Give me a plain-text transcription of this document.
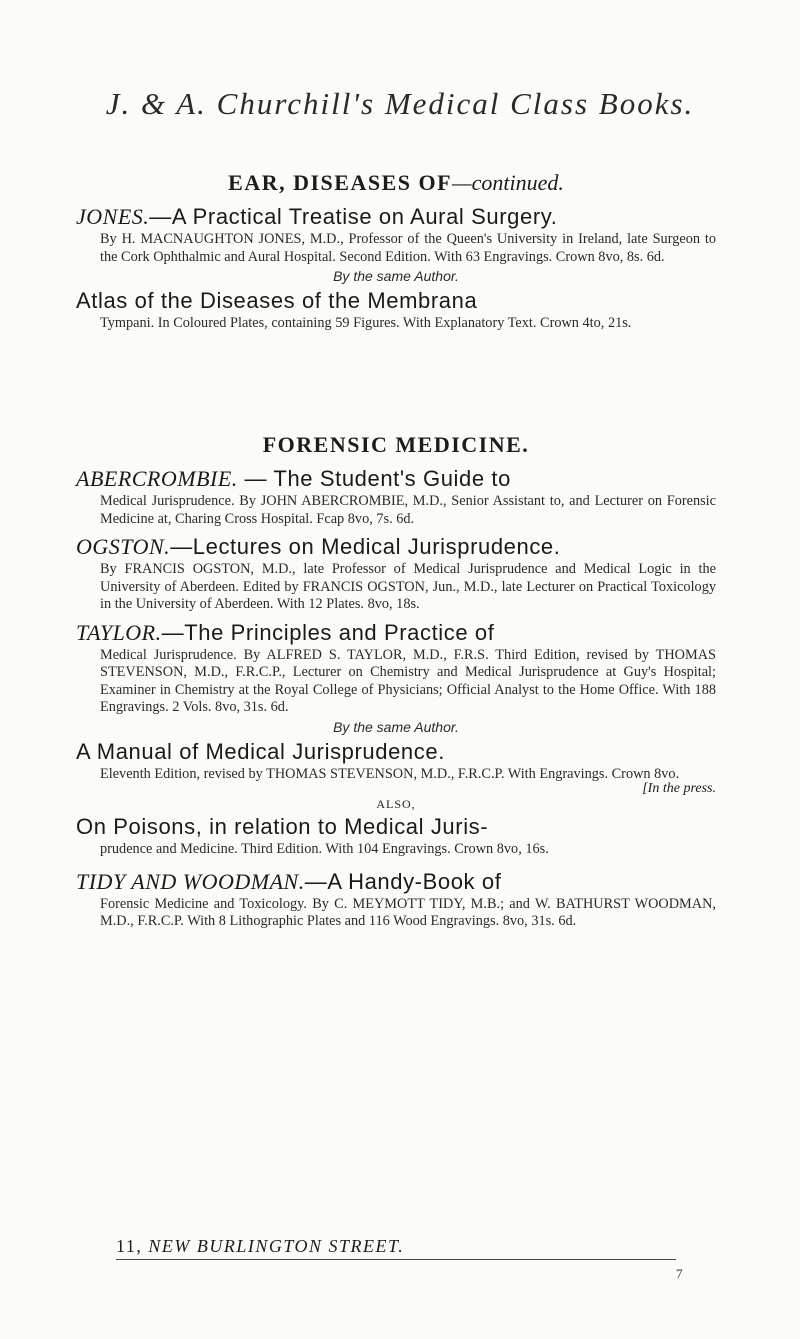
J. & A. Churchill's Medical Class Books.

EAR, DISEASES OF—continued.

JONES.—A Practical Treatise on Aural Surgery.
By H. MACNAUGHTON JONES, M.D., Professor of the Queen's University in Ireland, late Surgeon to the Cork Ophthalmic and Aural Hospital. Second Edition. With 63 Engravings. Crown 8vo, 8s. 6d.
By the same Author.
Atlas of the Diseases of the Membrana
Tympani. In Coloured Plates, containing 59 Figures. With Explanatory Text. Crown 4to, 21s.

FORENSIC MEDICINE.

ABERCROMBIE. — The Student's Guide to
Medical Jurisprudence. By JOHN ABERCROMBIE, M.D., Senior Assistant to, and Lecturer on Forensic Medicine at, Charing Cross Hospital. Fcap 8vo, 7s. 6d.
OGSTON.—Lectures on Medical Jurisprudence.
By FRANCIS OGSTON, M.D., late Professor of Medical Jurisprudence and Medical Logic in the University of Aberdeen. Edited by FRANCIS OGSTON, Jun., M.D., late Lecturer on Practical Toxicology in the University of Aberdeen. With 12 Plates. 8vo, 18s.
TAYLOR.—The Principles and Practice of
Medical Jurisprudence. By ALFRED S. TAYLOR, M.D., F.R.S. Third Edition, revised by THOMAS STEVENSON, M.D., F.R.C.P., Lecturer on Chemistry and Medical Jurisprudence at Guy's Hospital; Examiner in Chemistry at the Royal College of Physicians; Official Analyst to the Home Office. With 188 Engravings. 2 Vols. 8vo, 31s. 6d.
By the same Author.
A Manual of Medical Jurisprudence.
Eleventh Edition, revised by THOMAS STEVENSON, M.D., F.R.C.P. With Engravings. Crown 8vo.
[In the press.
ALSO,
On Poisons, in relation to Medical Juris-
prudence and Medicine. Third Edition. With 104 Engravings. Crown 8vo, 16s.
TIDY AND WOODMAN.—A Handy-Book of
Forensic Medicine and Toxicology. By C. MEYMOTT TIDY, M.B.; and W. BATHURST WOODMAN, M.D., F.R.C.P. With 8 Lithographic Plates and 116 Wood Engravings. 8vo, 31s. 6d.
11, NEW BURLINGTON STREET.
7
